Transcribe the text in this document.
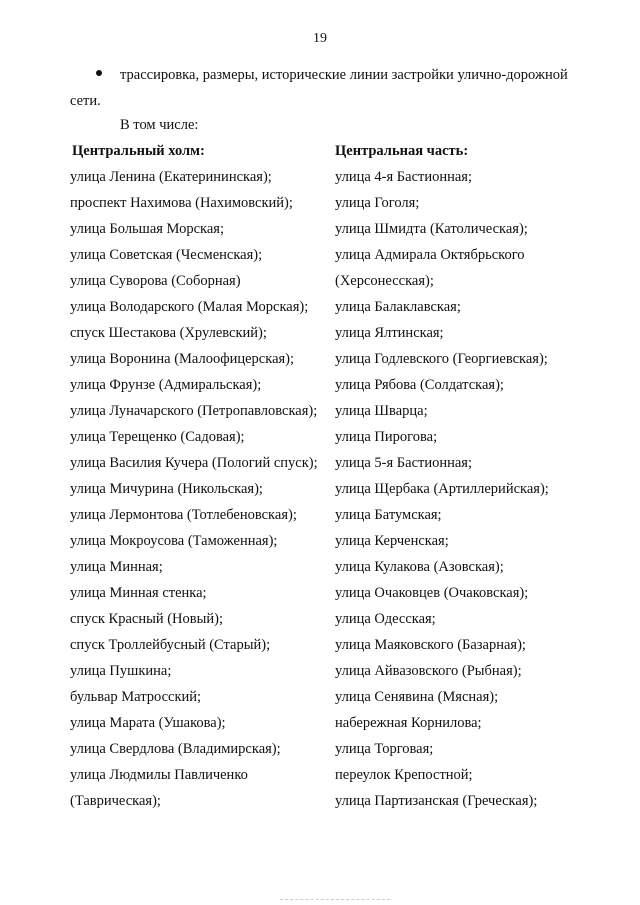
19
трассировка, размеры, исторические линии застройки улично-дорожной
сети.
В том числе:
Центральный холм:
улица Ленина (Екатерининская);
проспект Нахимова (Нахимовский);
улица Большая Морская;
улица Советская (Чесменская);
улица Суворова (Соборная)
улица Володарского (Малая Морская);
спуск Шестакова (Хрулевский);
улица Воронина (Малоофицерская);
улица Фрунзе (Адмиральская);
улица Луначарского (Петропавловская);
улица Терещенко (Садовая);
улица Василия Кучера (Пологий спуск);
улица Мичурина (Никольская);
улица Лермонтова (Тотлебеновская);
улица Мокроусова (Таможенная);
улица Минная;
улица Минная стенка;
спуск Красный (Новый);
спуск Троллейбусный (Старый);
улица Пушкина;
бульвар Матросский;
улица Марата (Ушакова);
улица Свердлова (Владимирская);
улица Людмилы Павличенко
(Таврическая);
Центральная часть:
улица 4-я Бастионная;
улица Гоголя;
улица Шмидта (Католическая);
улица Адмирала Октябрьского
(Херсонесская);
улица Балаклавская;
улица Ялтинская;
улица Годлевского (Георгиевская);
улица Рябова (Солдатская);
улица Шварца;
улица Пирогова;
улица 5-я Бастионная;
улица Щербака (Артиллерийская);
улица Батумская;
улица Керченская;
улица Кулакова (Азовская);
улица Очаковцев (Очаковская);
улица Одесская;
улица Маяковского (Базарная);
улица Айвазовского (Рыбная);
улица Сенявина (Мясная);
набережная Корнилова;
улица Торговая;
переулок Крепостной;
улица Партизанская (Греческая);
